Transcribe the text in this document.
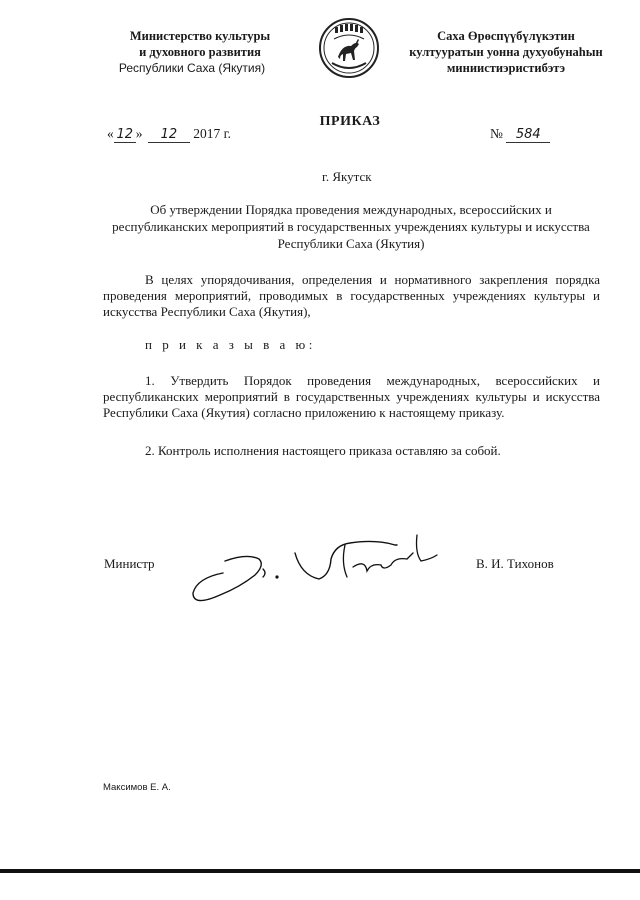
Министерство культуры
и духовного развития
Республики Саха (Якутия)
Саха Өрөспүүбүлүкэтин
култууратын уонна духуобунаһын
миниистиэристибэтэ
ПРИКАЗ
« 12 » 12 2017 г.	№ 584
г. Якутск
Об утверждении Порядка проведения международных, всероссийских и республиканских мероприятий в государственных учреждениях культуры и искусства Республики Саха (Якутия)
В целях упорядочивания, определения и нормативного закрепления порядка проведения мероприятий, проводимых в государственных учреждениях культуры и искусства Республики Саха (Якутия),
п р и к а з ы в а ю:
1. Утвердить Порядок проведения международных, всероссийских и республиканских мероприятий в государственных учреждениях культуры и искусства Республики Саха (Якутия) согласно приложению к настоящему приказу.
2. Контроль исполнения настоящего приказа оставляю за собой.
Министр	В. И. Тихонов
Максимов Е. А.
